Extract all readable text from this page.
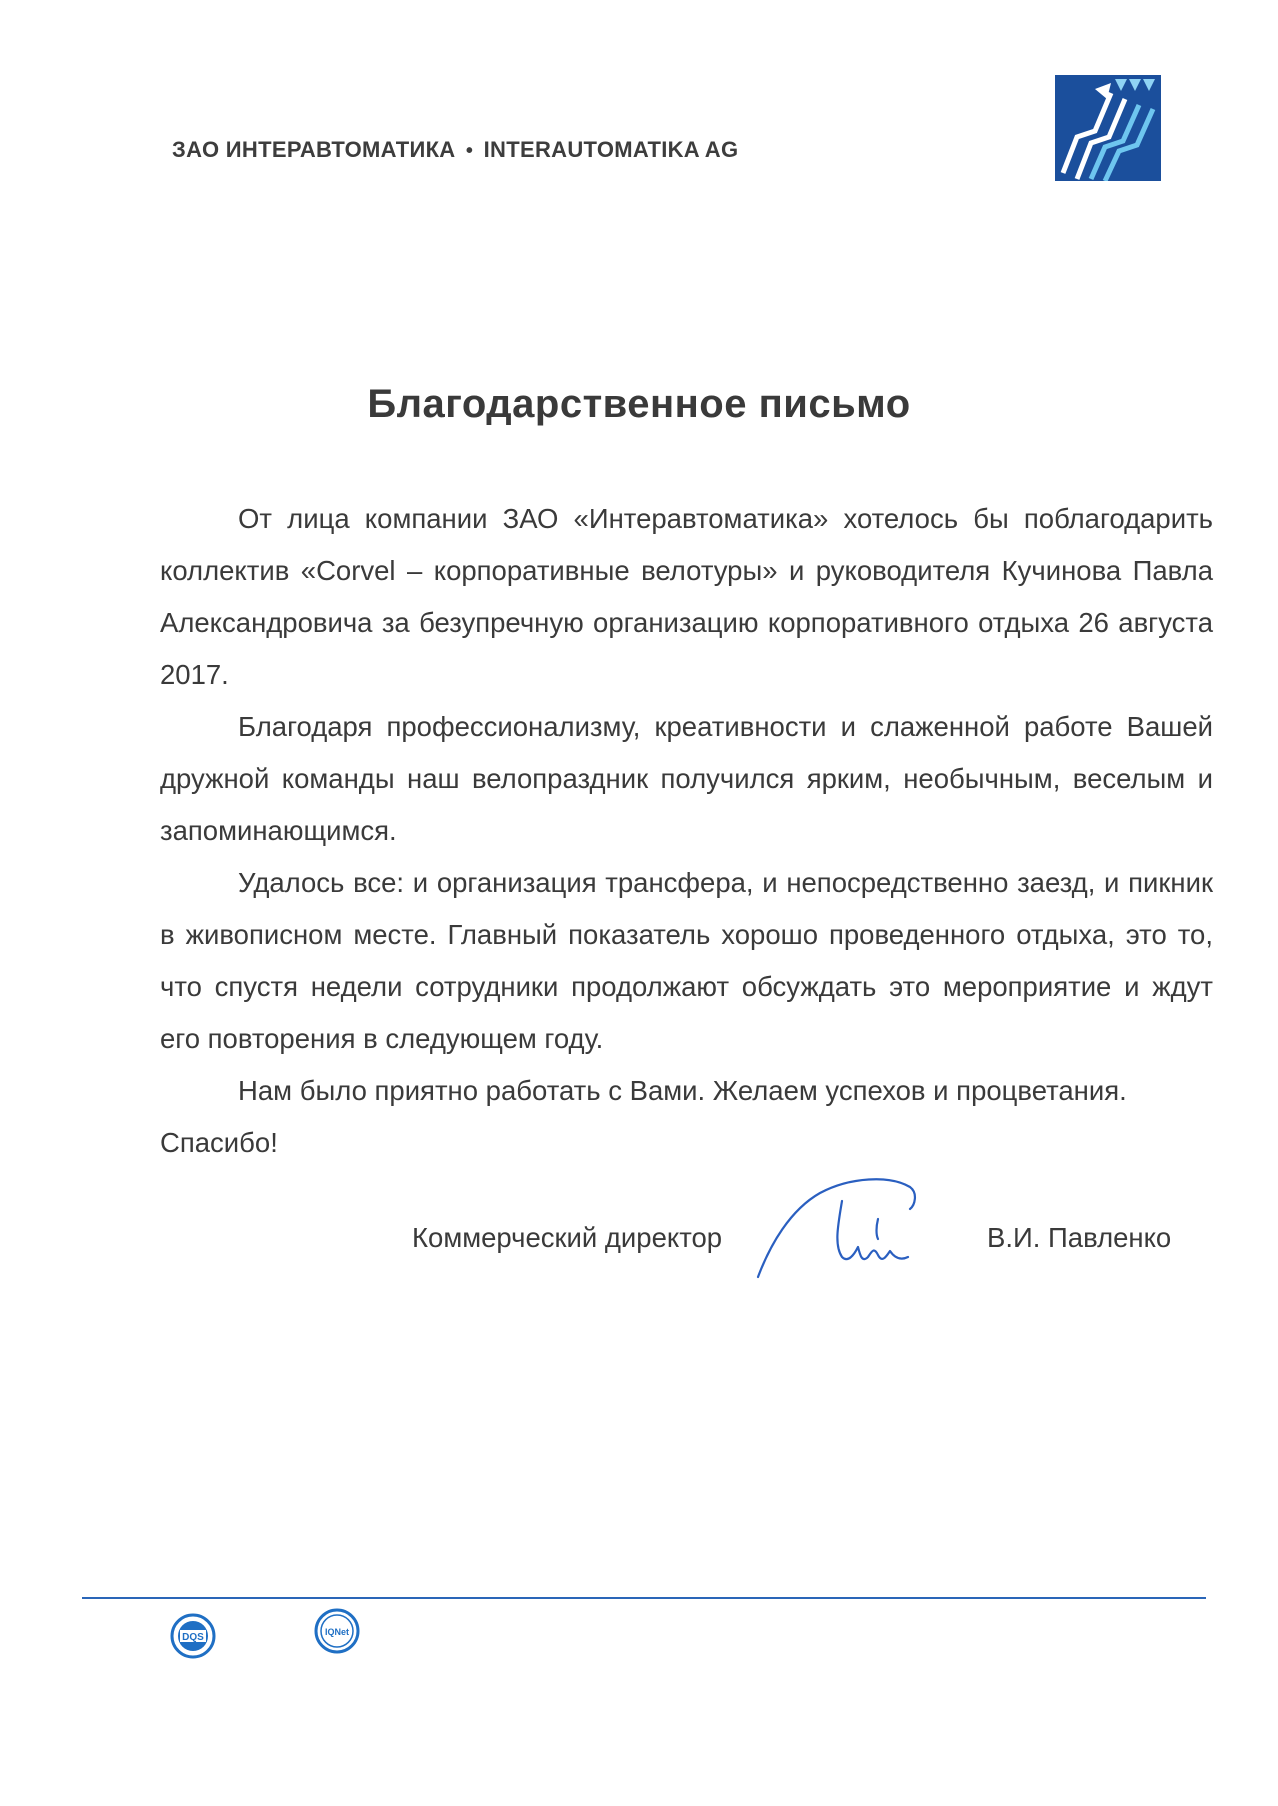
ЗАО ИНТЕРАВТОМАТИКА • INTERAUTOMATIKA AG
Благодарственное письмо

От лица компании ЗАО «Интеравтоматика» хотелось бы поблагодарить коллектив «Corvel – корпоративные велотуры» и руководителя Кучинова Павла Александровича за безупречную организацию корпоративного отдыха 26 августа 2017.

Благодаря профессионализму, креативности и слаженной работе Вашей дружной команды наш велопраздник получился ярким, необычным, веселым и запоминающимся.

Удалось все: и организация трансфера, и непосредственно заезд, и пикник в живописном месте. Главный показатель хорошо проведенного отдыха, это то, что спустя недели сотрудники продолжают обсуждать это мероприятие и ждут его повторения в следующем году.

Нам было приятно работать с Вами. Желаем успехов и процветания.

Спасибо!

Коммерческий директор	В.И. Павленко
DQS	IQNet
